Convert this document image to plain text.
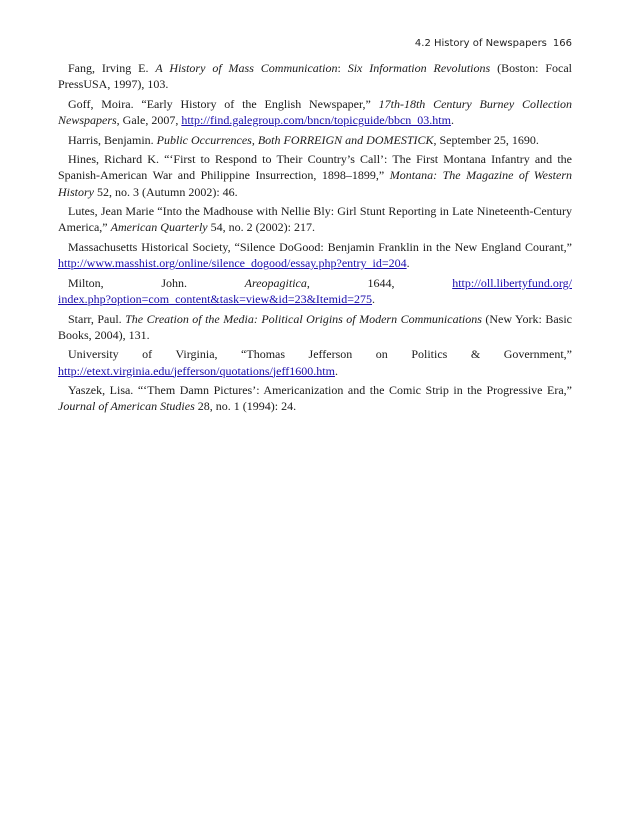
4.2 History of Newspapers 166

Fang, Irving E. A History of Mass Communication: Six Information Revolutions (Boston: Focal PressUSA, 1997), 103.

Goff, Moira. “Early History of the English Newspaper,” 17th-18th Century Burney Collection Newspapers, Gale, 2007, http://find.galegroup.com/bncn/topicguide/bbcn_03.htm.

Harris, Benjamin. Public Occurrences, Both FORREIGN and DOMESTICK, September 25, 1690.

Hines, Richard K. “‘First to Respond to Their Country’s Call’: The First Montana Infantry and the Spanish-American War and Philippine Insurrection, 1898–1899,” Montana: The Magazine of Western History 52, no. 3 (Autumn 2002): 46.

Lutes, Jean Marie “Into the Madhouse with Nellie Bly: Girl Stunt Reporting in Late Nineteenth-Century America,” American Quarterly 54, no. 2 (2002): 217.

Massachusetts Historical Society, “Silence DoGood: Benjamin Franklin in the New England Courant,” http://www.masshist.org/online/silence_dogood/essay.php?entry_id=204.

Milton, John. Areopagitica, 1644, http://oll.libertyfund.org/
index.php?option=com_content&task=view&id=23&Itemid=275.

Starr, Paul. The Creation of the Media: Political Origins of Modern Communications (New York: Basic Books, 2004), 131.

University of Virginia, “Thomas Jefferson on Politics & Government,” http://etext.virginia.edu/jefferson/quotations/jeff1600.htm.

Yaszek, Lisa. “‘Them Damn Pictures’: Americanization and the Comic Strip in the Progressive Era,” Journal of American Studies 28, no. 1 (1994): 24.
